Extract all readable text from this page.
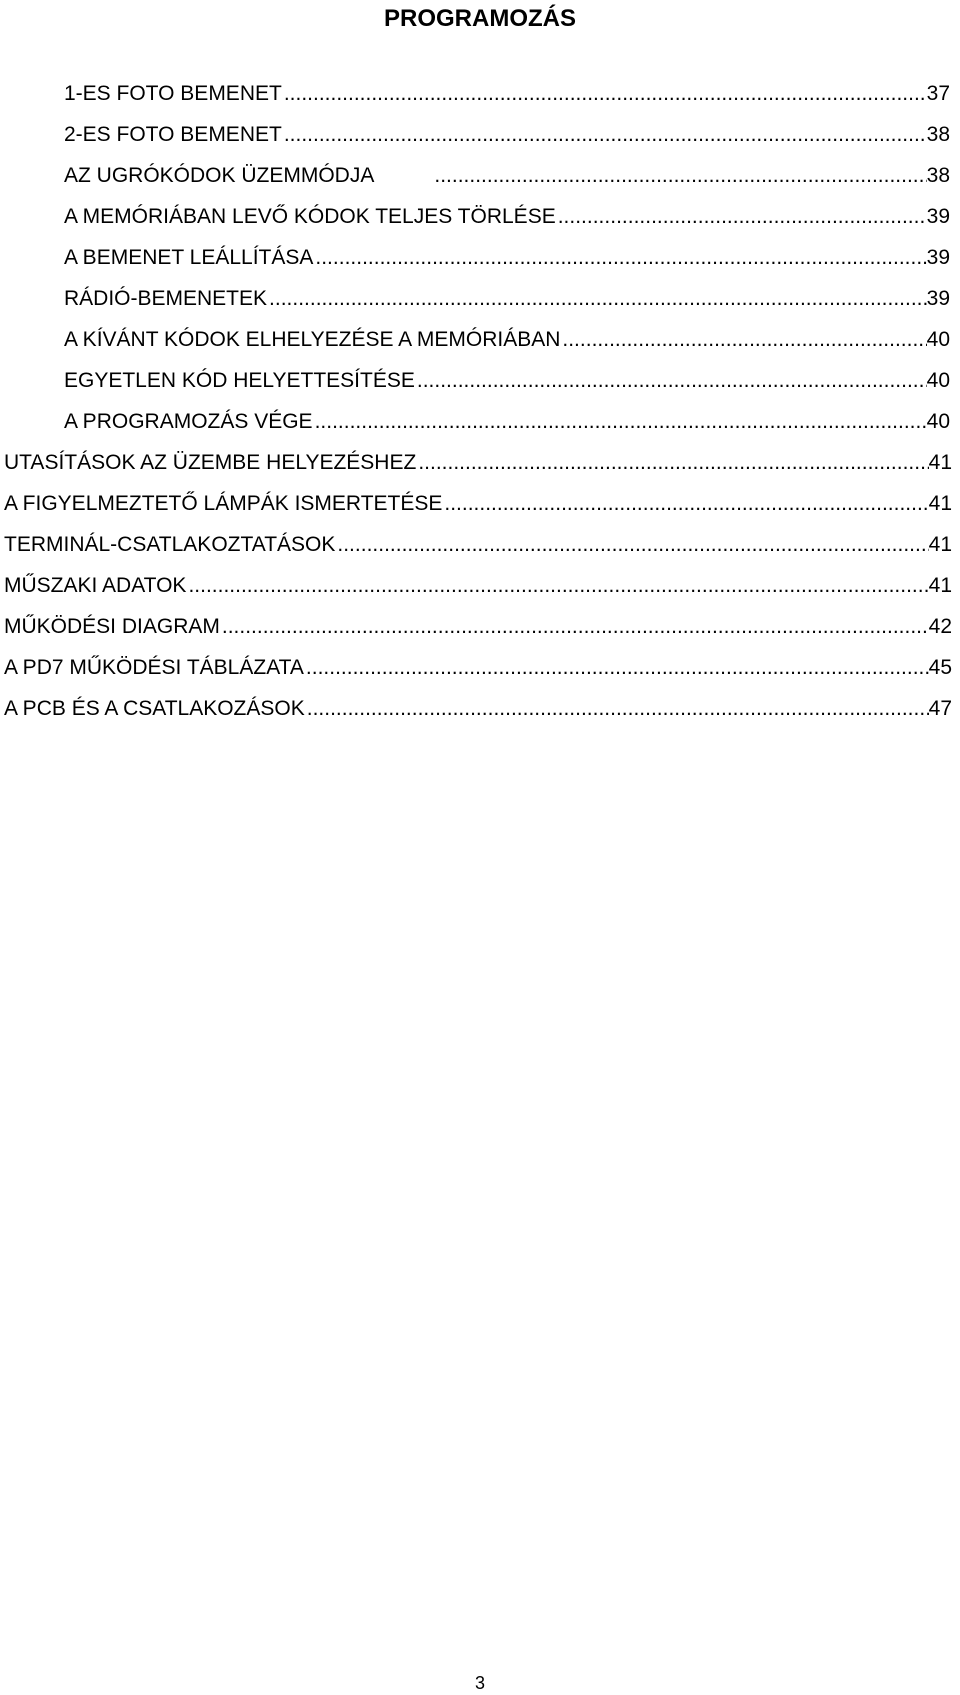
PROGRAMOZÁS
1-ES FOTO BEMENET .....	37
2-ES FOTO BEMENET .....	38
AZ UGRÓKÓDOK ÜZEMMÓDJA .....	38
A MEMÓRIÁBAN LEVŐ KÓDOK TELJES TÖRLÉSE .....	39
A BEMENET LEÁLLÍTÁSA .....	39
RÁDIÓ-BEMENETEK .....	39
A KÍVÁNT KÓDOK ELHELYEZÉSE A MEMÓRIÁBAN .....	40
EGYETLEN KÓD HELYETTESÍTÉSE .....	40
A PROGRAMOZÁS VÉGE .....	40
UTASÍTÁSOK AZ ÜZEMBE HELYEZÉSHEZ .....	41
A FIGYELMEZTETŐ LÁMPÁK ISMERTETÉSE .....	41
TERMINÁL-CSATLAKOZTATÁSOK .....	41
MŰSZAKI ADATOK .....	41
MŰKÖDÉSI DIAGRAM .....	42
A PD7 MŰKÖDÉSI TÁBLÁZATA .....	45
A PCB ÉS A CSATLAKOZÁSOK .....	47
3
